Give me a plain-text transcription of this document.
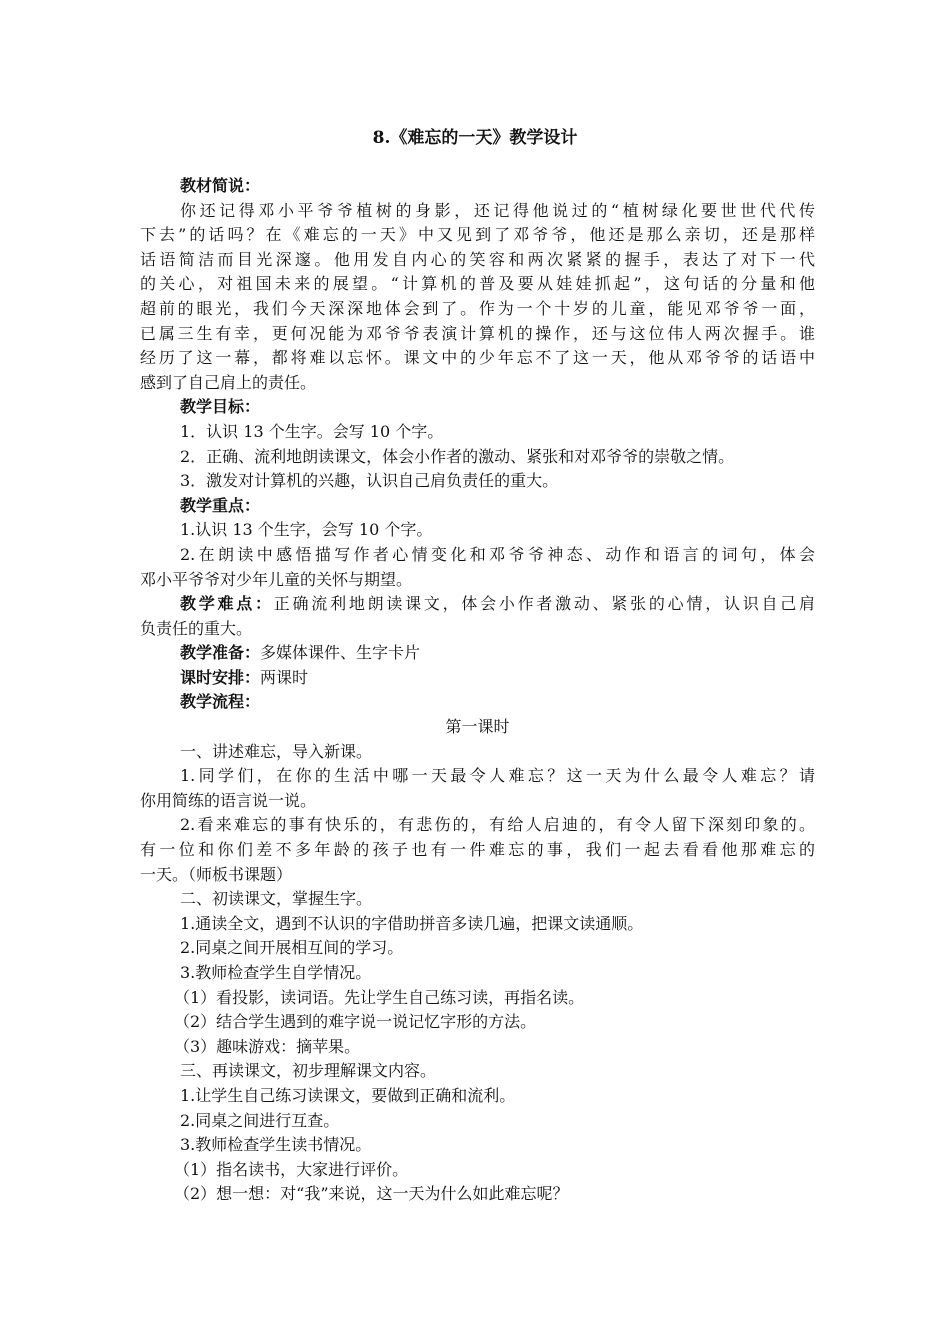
8.《难忘的一天》教学设计
教材简说：
你还记得邓小平爷爷植树的身影，还记得他说过的“植树绿化要世世代代传
下去”的话吗？在《难忘的一天》中又见到了邓爷爷，他还是那么亲切，还是那样
话语简洁而目光深邃。他用发自内心的笑容和两次紧紧的握手，表达了对下一代
的关心，对祖国未来的展望。“计算机的普及要从娃娃抓起”，这句话的分量和他
超前的眼光，我们今天深深地体会到了。作为一个十岁的儿童，能见邓爷爷一面，
已属三生有幸，更何况能为邓爷爷表演计算机的操作，还与这位伟人两次握手。谁
经历了这一幕，都将难以忘怀。课文中的少年忘不了这一天，他从邓爷爷的话语中
感到了自己肩上的责任。
教学目标：
1．认识 13 个生字。会写 10 个字。
2．正确、流利地朗读课文，体会小作者的激动、紧张和对邓爷爷的崇敬之情。
3．激发对计算机的兴趣，认识自己肩负责任的重大。
教学重点：
1.认识 13 个生字，会写 10 个字。
2.在朗读中感悟描写作者心情变化和邓爷爷神态、动作和语言的词句，体会
邓小平爷爷对少年儿童的关怀与期望。
教学难点：正确流利地朗读课文，体会小作者激动、紧张的心情，认识自己肩
负责任的重大。
教学准备：多媒体课件、生字卡片
课时安排：两课时
教学流程：
第一课时
一、讲述难忘，导入新课。
1.同学们，在你的生活中哪一天最令人难忘？这一天为什么最令人难忘？请
你用简练的语言说一说。
2.看来难忘的事有快乐的，有悲伤的，有给人启迪的，有令人留下深刻印象的。
有一位和你们差不多年龄的孩子也有一件难忘的事，我们一起去看看他那难忘的
一天。（师板书课题）
二、初读课文，掌握生字。
1.通读全文，遇到不认识的字借助拼音多读几遍，把课文读通顺。
2.同桌之间开展相互间的学习。
3.教师检查学生自学情况。
（1）看投影，读词语。先让学生自己练习读，再指名读。
（2）结合学生遇到的难字说一说记忆字形的方法。
（3）趣味游戏：摘苹果。
三、再读课文，初步理解课文内容。
1.让学生自己练习读课文，要做到正确和流利。
2.同桌之间进行互查。
3.教师检查学生读书情况。
（1）指名读书，大家进行评价。
（2）想一想：对“我”来说，这一天为什么如此难忘呢？
